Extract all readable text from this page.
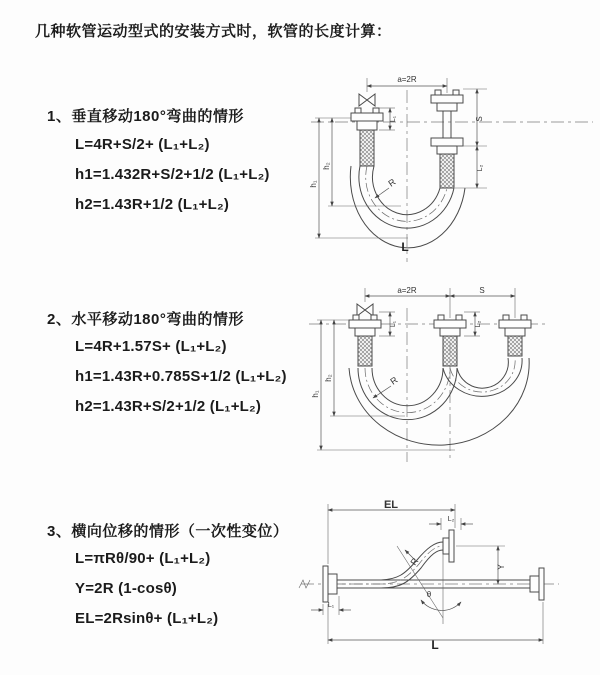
几种软管运动型式的安装方式时，软管的长度计算：
1、垂直移动180°弯曲的情形
L=4R+S/2+ (L₁+L₂)
h1=1.432R+S/2+1/2 (L₁+L₂)
h2=1.43R+1/2 (L₁+L₂)
2、水平移动180°弯曲的情形
L=4R+1.57S+ (L₁+L₂)
h1=1.43R+0.785S+1/2 (L₁+L₂)
h2=1.43R+S/2+1/2 (L₁+L₂)
3、横向位移的情形（一次性变位）
L=πRθ/90+ (L₁+L₂)
Y=2R (1-cosθ)
EL=2Rsinθ+ (L₁+L₂)
a=2R
R
h₁
h₂
L₁	S
L₂
L
a=2R	S
R
h₁
h₂
L₁	L₂
EL
L₂
R
θ
Y
L₁
L
